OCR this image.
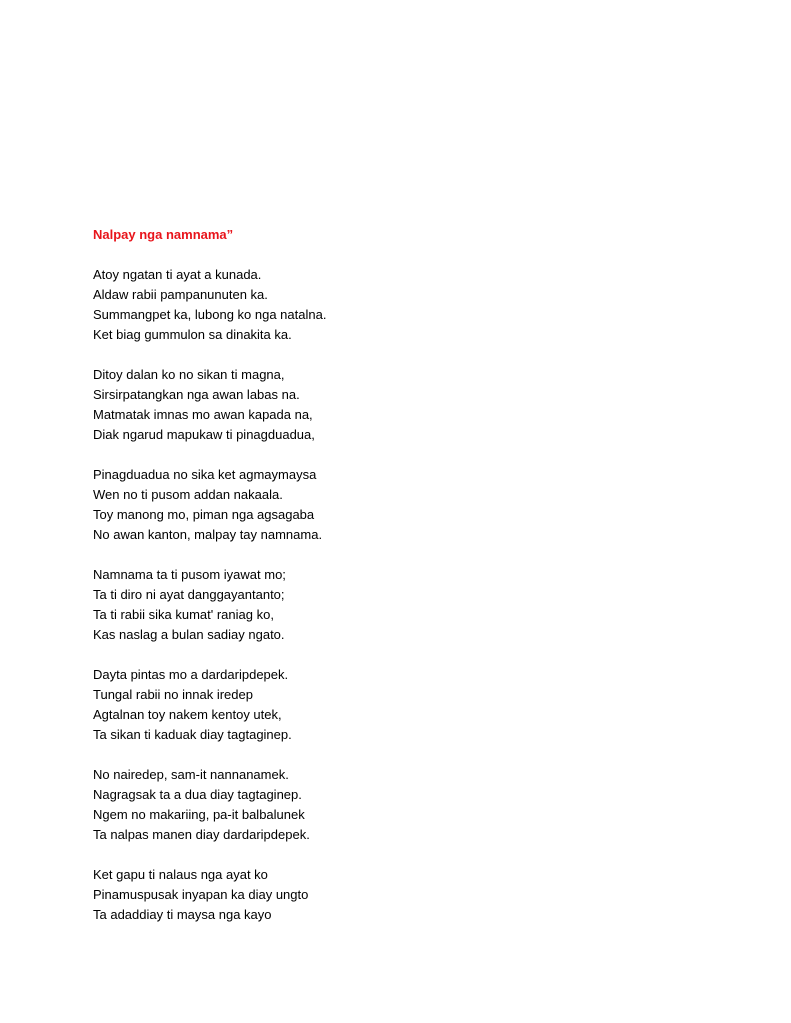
Nalpay nga namnama”

Atoy ngatan ti ayat a kunada.
Aldaw rabii pampanunuten ka.
Summangpet ka, lubong ko nga natalna.
Ket biag gummulon sa dinakita ka.
Ditoy dalan ko no sikan ti magna,
Sirsirpatangkan nga awan labas na.
Matmatak imnas mo awan kapada na,
Diak ngarud mapukaw ti pinagduadua,
Pinagduadua no sika ket agmaymaysa
Wen no ti pusom addan nakaala.
Toy manong mo, piman nga agsagaba
No awan kanton, malpay tay namnama.
Namnama ta ti pusom iyawat mo;
Ta ti diro ni ayat danggayantanto;
Ta ti rabii sika kumat' raniag ko,
Kas naslag a bulan sadiay ngato.
Dayta pintas mo a dardaripdepek.
Tungal rabii no innak iredep
Agtalnan toy nakem kentoy utek,
Ta sikan ti kaduak diay tagtaginep.
No nairedep, sam-it nannanamek.
Nagragsak ta a dua diay tagtaginep.
Ngem no makariing, pa-it balbalunek
Ta nalpas manen diay dardaripdepek.
Ket gapu ti nalaus nga ayat ko
Pinamuspusak inyapan ka diay ungto
Ta adaddiay ti maysa nga kayo
